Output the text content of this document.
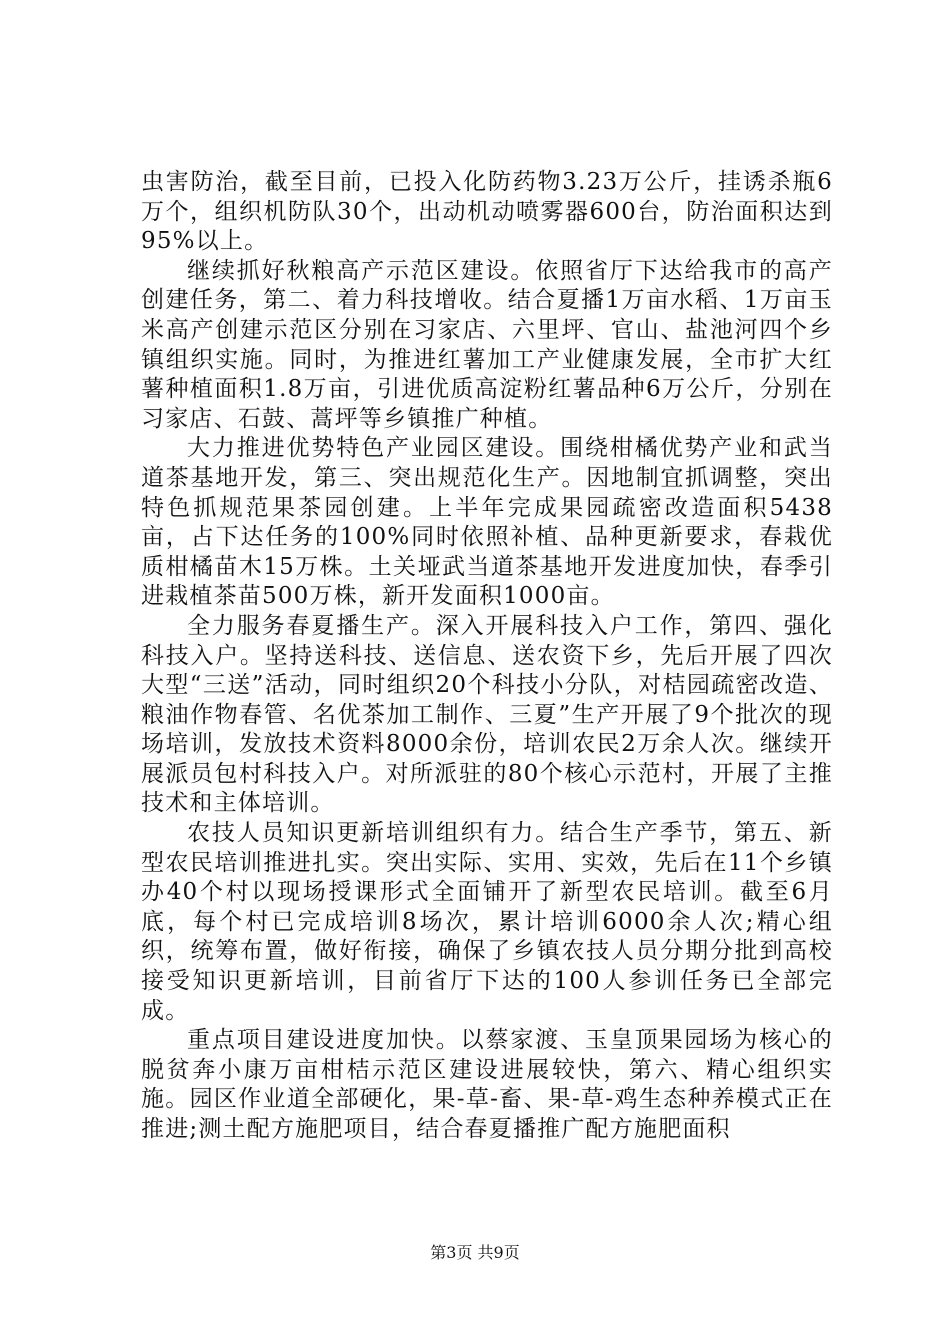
虫害防治，截至目前，已投入化防药物3.23万公斤，挂诱杀瓶6万个，组织机防队30个，出动机动喷雾器600台，防治面积达到95%以上。

继续抓好秋粮高产示范区建设。依照省厅下达给我市的高产创建任务，第二、着力科技增收。结合夏播1万亩水稻、1万亩玉米高产创建示范区分别在习家店、六里坪、官山、盐池河四个乡镇组织实施。同时，为推进红薯加工产业健康发展，全市扩大红薯种植面积1.8万亩，引进优质高淀粉红薯品种6万公斤，分别在习家店、石鼓、蒿坪等乡镇推广种植。

大力推进优势特色产业园区建设。围绕柑橘优势产业和武当道茶基地开发，第三、突出规范化生产。因地制宜抓调整，突出特色抓规范果茶园创建。上半年完成果园疏密改造面积5438亩，占下达任务的100%同时依照补植、品种更新要求，春栽优质柑橘苗木15万株。土关垭武当道茶基地开发进度加快，春季引进栽植茶苗500万株，新开发面积1000亩。

全力服务春夏播生产。深入开展科技入户工作，第四、强化科技入户。坚持送科技、送信息、送农资下乡，先后开展了四次大型“三送”活动，同时组织20个科技小分队，对桔园疏密改造、粮油作物春管、名优茶加工制作、三夏”生产开展了9个批次的现场培训，发放技术资料8000余份，培训农民2万余人次。继续开展派员包村科技入户。对所派驻的80个核心示范村，开展了主推技术和主体培训。

农技人员知识更新培训组织有力。结合生产季节，第五、新型农民培训推进扎实。突出实际、实用、实效，先后在11个乡镇办40个村以现场授课形式全面铺开了新型农民培训。截至6月底，每个村已完成培训8场次，累计培训6000余人次;精心组织，统筹布置，做好衔接，确保了乡镇农技人员分期分批到高校接受知识更新培训，目前省厅下达的100人参训任务已全部完成。

重点项目建设进度加快。以蔡家渡、玉皇顶果园场为核心的脱贫奔小康万亩柑桔示范区建设进展较快，第六、精心组织实施。园区作业道全部硬化，果-草-畜、果-草-鸡生态种养模式正在推进;测土配方施肥项目，结合春夏播推广配方施肥面积

第3页 共9页
